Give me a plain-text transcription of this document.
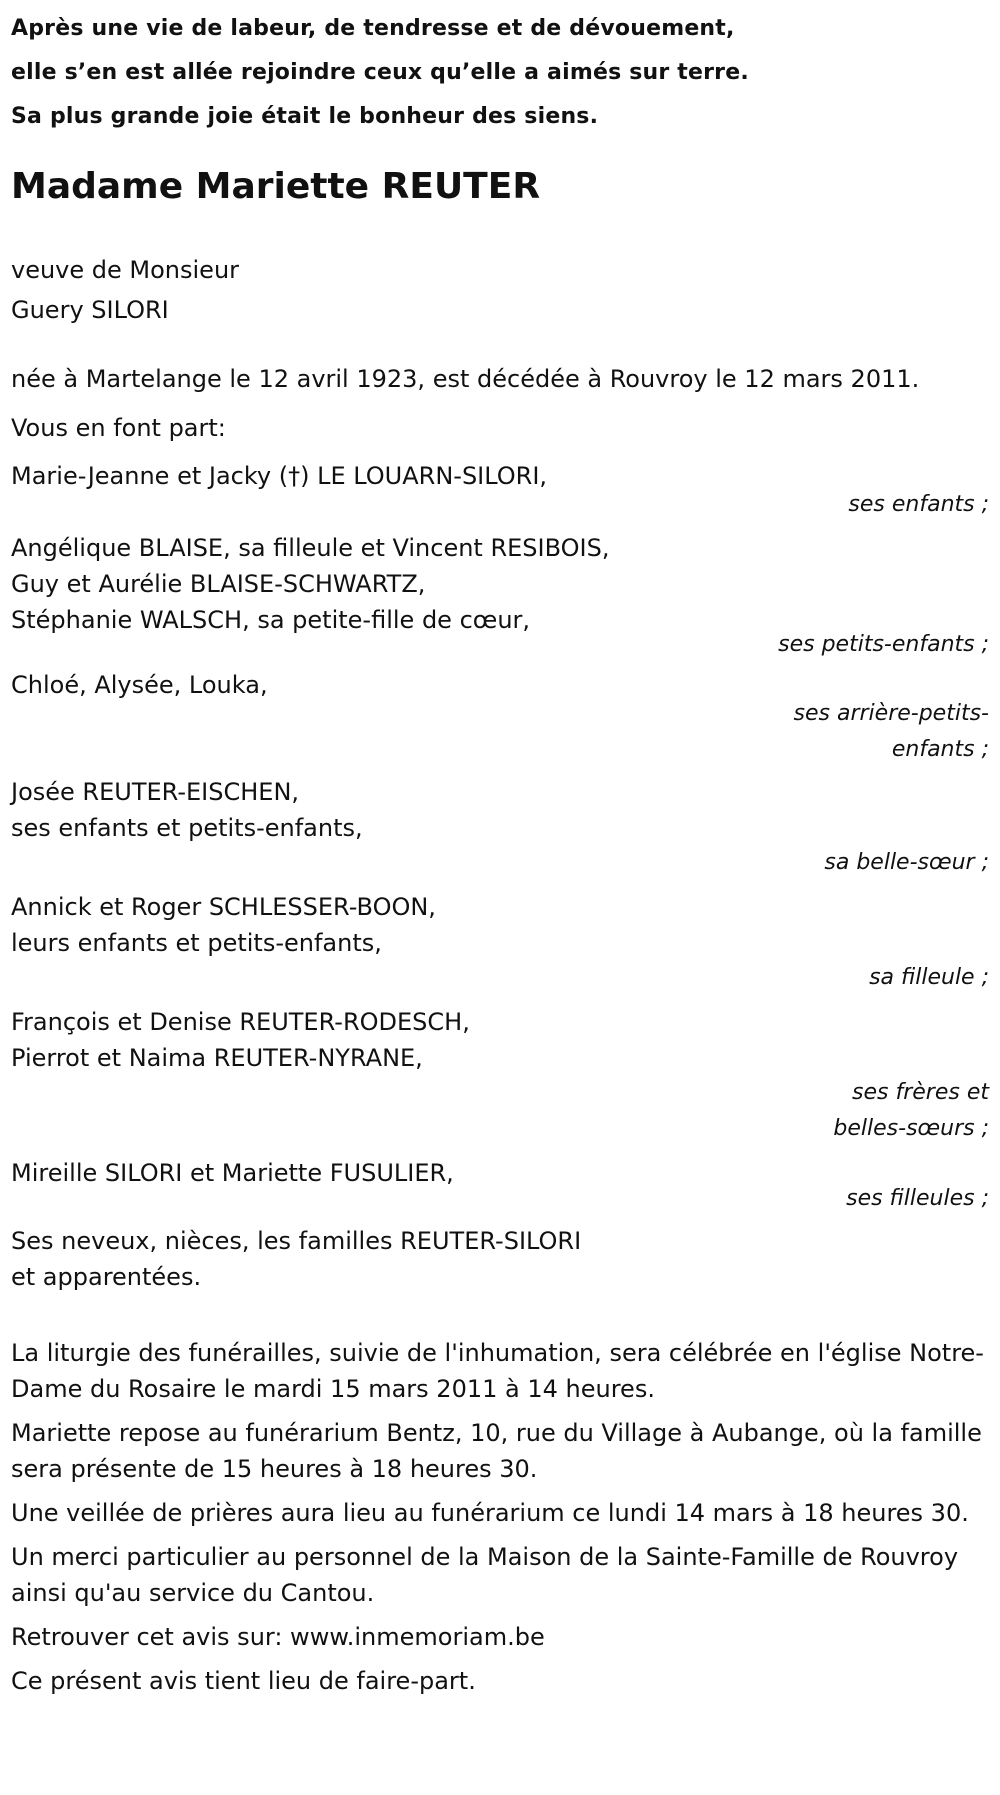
Après une vie de labeur, de tendresse et de dévouement,
elle s’en est allée rejoindre ceux qu’elle a aimés sur terre.
Sa plus grande joie était le bonheur des siens.
Madame Mariette REUTER
veuve de Monsieur
Guery SILORI
née à Martelange le 12 avril 1923, est décédée à Rouvroy le 12 mars 2011.
Vous en font part:
Marie-Jeanne et Jacky (†) LE LOUARN-SILORI,
ses enfants ;
Angélique BLAISE, sa filleule et Vincent RESIBOIS,
Guy et Aurélie BLAISE-SCHWARTZ,
Stéphanie WALSCH, sa petite-fille de cœur,
ses petits-enfants ;
Chloé, Alysée, Louka,
ses arrière-petits-enfants ;
Josée REUTER-EISCHEN,
ses enfants et petits-enfants,
sa belle-sœur ;
Annick et Roger SCHLESSER-BOON,
leurs enfants et petits-enfants,
sa filleule ;
François et Denise REUTER-RODESCH,
Pierrot et Naima REUTER-NYRANE,
ses frères et belles-sœurs ;
Mireille SILORI et Mariette FUSULIER,
ses filleules ;
Ses neveux, nièces, les familles REUTER-SILORI
et apparentées.
La liturgie des funérailles, suivie de l'inhumation, sera célébrée en l'église Notre-Dame du Rosaire le mardi 15 mars 2011 à 14 heures.
Mariette repose au funérarium Bentz, 10, rue du Village à Aubange, où la famille sera présente de 15 heures à 18 heures 30.
Une veillée de prières aura lieu au funérarium ce lundi 14 mars à 18 heures 30.
Un merci particulier au personnel de la Maison de la Sainte-Famille de Rouvroy ainsi qu'au service du Cantou.
Retrouver cet avis sur: www.inmemoriam.be
Ce présent avis tient lieu de faire-part.
